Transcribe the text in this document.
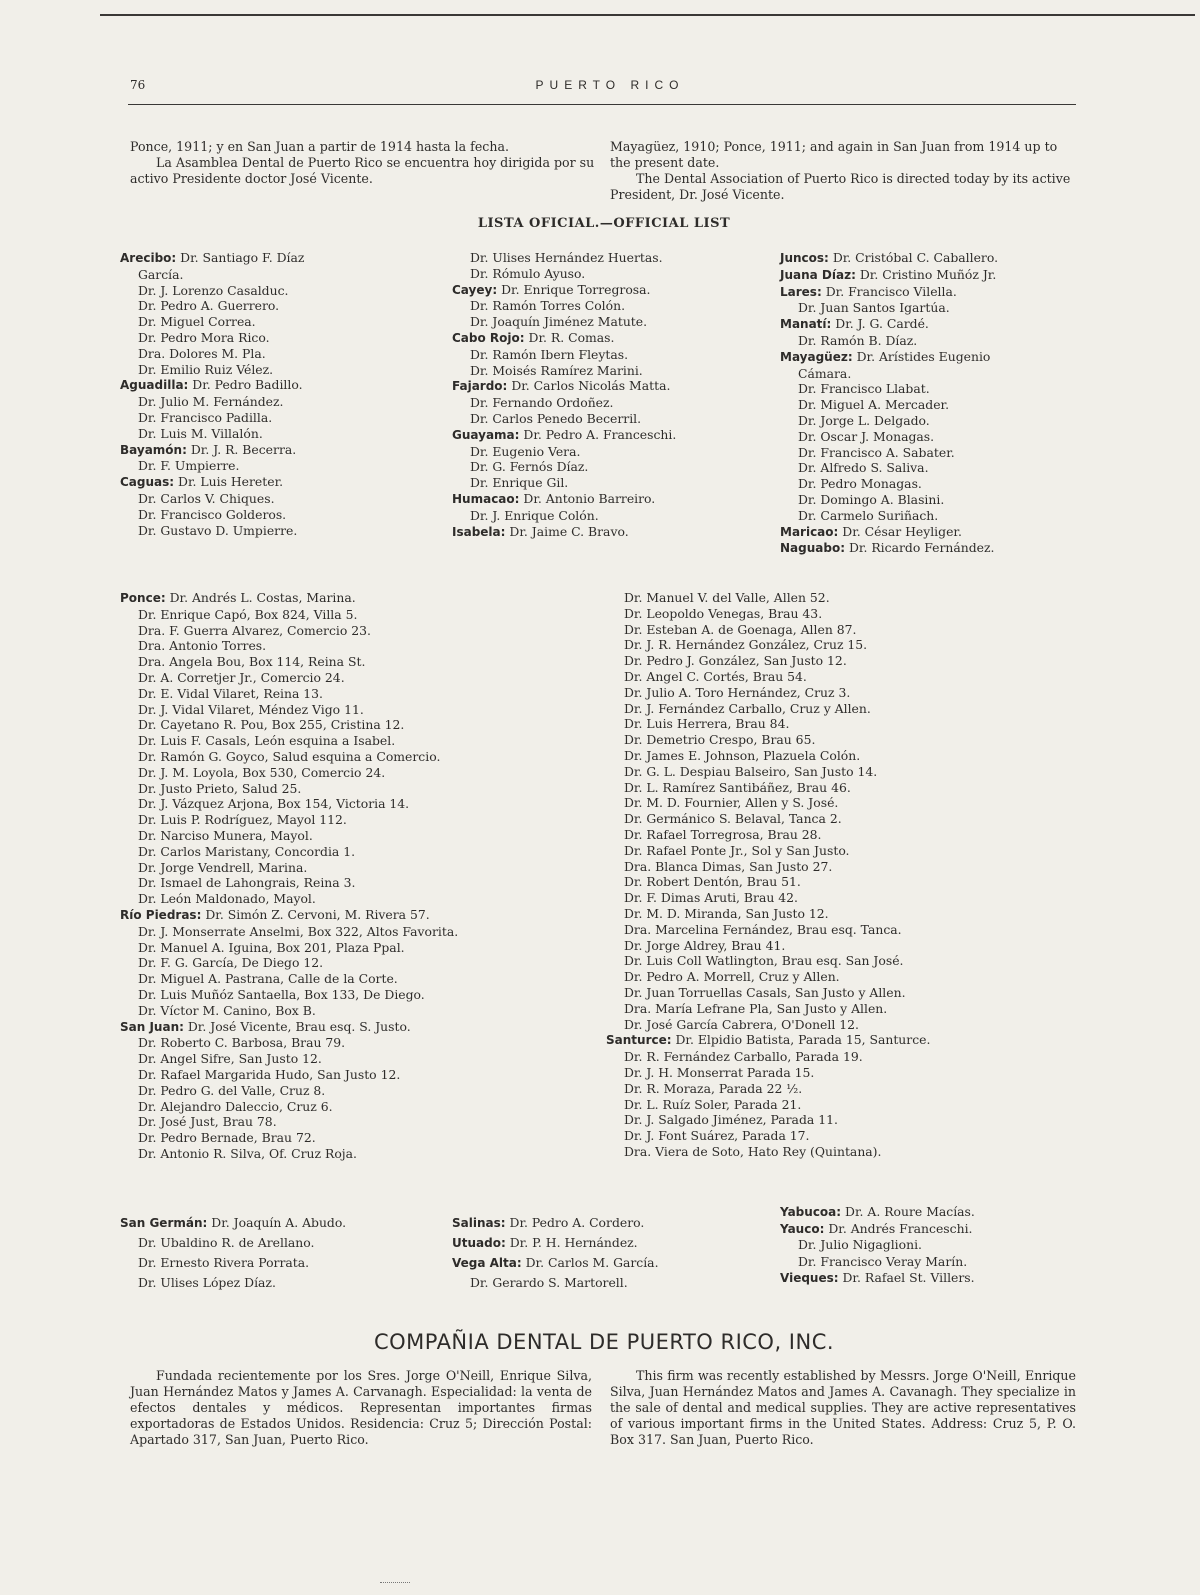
76	PUERTO RICO

Ponce, 1911; y en San Juan a partir de 1914 hasta la fecha.

La Asamblea Dental de Puerto Rico se encuentra hoy dirigida por su activo Presidente doctor José Vicente.

Mayagüez, 1910; Ponce, 1911; and again in San Juan from 1914 up to the present date.

The Dental Association of Puerto Rico is directed today by its active President, Dr. José Vicente.

LISTA OFICIAL.—OFFICIAL LIST
Arecibo: Dr. Santiago F. Díaz
García.
Dr. J. Lorenzo Casalduc.
Dr. Pedro A. Guerrero.
Dr. Miguel Correa.
Dr. Pedro Mora Rico.
Dra. Dolores M. Pla.
Dr. Emilio Ruiz Vélez.
Aguadilla: Dr. Pedro Badillo.
Dr. Julio M. Fernández.
Dr. Francisco Padilla.
Dr. Luis M. Villalón.
Bayamón: Dr. J. R. Becerra.
Dr. F. Umpierre.
Caguas: Dr. Luis Hereter.
Dr. Carlos V. Chiques.
Dr. Francisco Golderos.
Dr. Gustavo D. Umpierre.
Dr. Ulises Hernández Huertas.
Dr. Rómulo Ayuso.
Cayey: Dr. Enrique Torregrosa.
Dr. Ramón Torres Colón.
Dr. Joaquín Jiménez Matute.
Cabo Rojo: Dr. R. Comas.
Dr. Ramón Ibern Fleytas.
Dr. Moisés Ramírez Marini.
Fajardo: Dr. Carlos Nicolás Matta.
Dr. Fernando Ordoñez.
Dr. Carlos Penedo Becerril.
Guayama: Dr. Pedro A. Franceschi.
Dr. Eugenio Vera.
Dr. G. Fernós Díaz.
Dr. Enrique Gil.
Humacao: Dr. Antonio Barreiro.
Dr. J. Enrique Colón.
Isabela: Dr. Jaime C. Bravo.
Juncos: Dr. Cristóbal C. Caballero.
Juana Díaz: Dr. Cristino Muñóz Jr.
Lares: Dr. Francisco Vilella.
Dr. Juan Santos Igartúa.
Manatí: Dr. J. G. Cardé.
Dr. Ramón B. Díaz.
Mayagüez: Dr. Arístides Eugenio
Cámara.
Dr. Francisco Llabat.
Dr. Miguel A. Mercader.
Dr. Jorge L. Delgado.
Dr. Oscar J. Monagas.
Dr. Francisco A. Sabater.
Dr. Alfredo S. Saliva.
Dr. Pedro Monagas.
Dr. Domingo A. Blasini.
Dr. Carmelo Suriñach.
Maricao: Dr. César Heyliger.
Naguabo: Dr. Ricardo Fernández.
Ponce: Dr. Andrés L. Costas, Marina.
Dr. Enrique Capó, Box 824, Villa 5.
Dra. F. Guerra Alvarez, Comercio 23.
Dra. Antonio Torres.
Dra. Angela Bou, Box 114, Reina St.
Dr. A. Corretjer Jr., Comercio 24.
Dr. E. Vidal Vilaret, Reina 13.
Dr. J. Vidal Vilaret, Méndez Vigo 11.
Dr. Cayetano R. Pou, Box 255, Cristina 12.
Dr. Luis F. Casals, León esquina a Isabel.
Dr. Ramón G. Goyco, Salud esquina a Comercio.
Dr. J. M. Loyola, Box 530, Comercio 24.
Dr. Justo Prieto, Salud 25.
Dr. J. Vázquez Arjona, Box 154, Victoria 14.
Dr. Luis P. Rodríguez, Mayol 112.
Dr. Narciso Munera, Mayol.
Dr. Carlos Maristany, Concordia 1.
Dr. Jorge Vendrell, Marina.
Dr. Ismael de Lahongrais, Reina 3.
Dr. León Maldonado, Mayol.
Río Piedras: Dr. Simón Z. Cervoni, M. Rivera 57.
Dr. J. Monserrate Anselmi, Box 322, Altos Favorita.
Dr. Manuel A. Iguina, Box 201, Plaza Ppal.
Dr. F. G. García, De Diego 12.
Dr. Miguel A. Pastrana, Calle de la Corte.
Dr. Luis Muñóz Santaella, Box 133, De Diego.
Dr. Víctor M. Canino, Box B.
San Juan: Dr. José Vicente, Brau esq. S. Justo.
Dr. Roberto C. Barbosa, Brau 79.
Dr. Angel Sifre, San Justo 12.
Dr. Rafael Margarida Hudo, San Justo 12.
Dr. Pedro G. del Valle, Cruz 8.
Dr. Alejandro Daleccio, Cruz 6.
Dr. José Just, Brau 78.
Dr. Pedro Bernade, Brau 72.
Dr. Antonio R. Silva, Of. Cruz Roja.
Dr. Manuel V. del Valle, Allen 52.
Dr. Leopoldo Venegas, Brau 43.
Dr. Esteban A. de Goenaga, Allen 87.
Dr. J. R. Hernández González, Cruz 15.
Dr. Pedro J. González, San Justo 12.
Dr. Angel C. Cortés, Brau 54.
Dr. Julio A. Toro Hernández, Cruz 3.
Dr. J. Fernández Carballo, Cruz y Allen.
Dr. Luis Herrera, Brau 84.
Dr. Demetrio Crespo, Brau 65.
Dr. James E. Johnson, Plazuela Colón.
Dr. G. L. Despiau Balseiro, San Justo 14.
Dr. L. Ramírez Santibáñez, Brau 46.
Dr. M. D. Fournier, Allen y S. José.
Dr. Germánico S. Belaval, Tanca 2.
Dr. Rafael Torregrosa, Brau 28.
Dr. Rafael Ponte Jr., Sol y San Justo.
Dra. Blanca Dimas, San Justo 27.
Dr. Robert Dentón, Brau 51.
Dr. F. Dimas Aruti, Brau 42.
Dr. M. D. Miranda, San Justo 12.
Dra. Marcelina Fernández, Brau esq. Tanca.
Dr. Jorge Aldrey, Brau 41.
Dr. Luis Coll Watlington, Brau esq. San José.
Dr. Pedro A. Morrell, Cruz y Allen.
Dr. Juan Torruellas Casals, San Justo y Allen.
Dra. María Lefrane Pla, San Justo y Allen.
Dr. José García Cabrera, O'Donell 12.
Santurce: Dr. Elpidio Batista, Parada 15, Santurce.
Dr. R. Fernández Carballo, Parada 19.
Dr. J. H. Monserrat Parada 15.
Dr. R. Moraza, Parada 22 ½.
Dr. L. Ruíz Soler, Parada 21.
Dr. J. Salgado Jiménez, Parada 11.
Dr. J. Font Suárez, Parada 17.
Dra. Viera de Soto, Hato Rey (Quintana).
San Germán: Dr. Joaquín A. Abudo.
Dr. Ubaldino R. de Arellano.
Dr. Ernesto Rivera Porrata.
Dr. Ulises López Díaz.
Salinas: Dr. Pedro A. Cordero.
Utuado: Dr. P. H. Hernández.
Vega Alta: Dr. Carlos M. García.
Dr. Gerardo S. Martorell.
Yabucoa: Dr. A. Roure Macías.
Yauco: Dr. Andrés Franceschi.
Dr. Julio Nigaglioni.
Dr. Francisco Veray Marín.
Vieques: Dr. Rafael St. Villers.
COMPAÑIA DENTAL DE PUERTO RICO, INC.

Fundada recientemente por los Sres. Jorge O'Neill, Enrique Silva, Juan Hernández Matos y James A. Carvanagh. Especialidad: la venta de efectos dentales y médicos. Representan importantes firmas exportadoras de Estados Unidos. Residencia: Cruz 5; Dirección Postal: Apartado 317, San Juan, Puerto Rico.

This firm was recently established by Messrs. Jorge O'Neill, Enrique Silva, Juan Hernández Matos and James A. Cavanagh. They specialize in the sale of dental and medical supplies. They are active representatives of various important firms in the United States. Address: Cruz 5, P. O. Box 317. San Juan, Puerto Rico.
